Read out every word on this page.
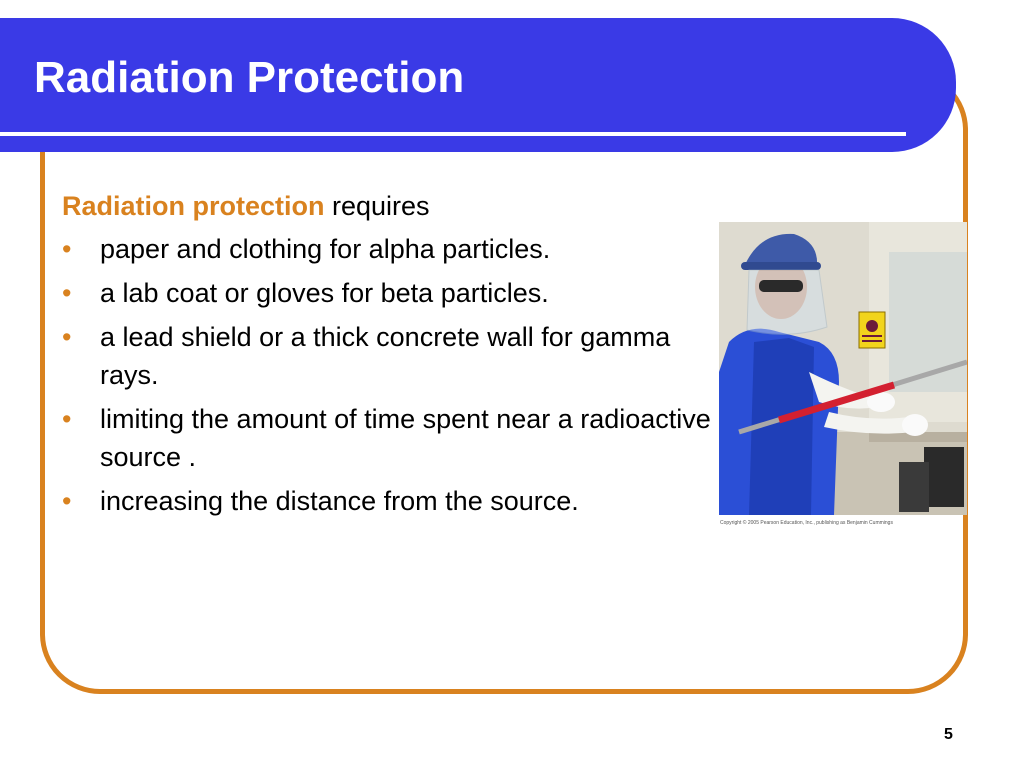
Radiation Protection

Radiation protection requires

• paper and clothing for alpha particles.
• a lab coat or gloves for beta particles.
• a lead shield or a thick concrete wall for gamma rays.
• limiting the amount of time spent near a radioactive source .
• increasing the distance from the source.
Copyright © 2005 Pearson Education, Inc., publishing as Benjamin Cummings
5
